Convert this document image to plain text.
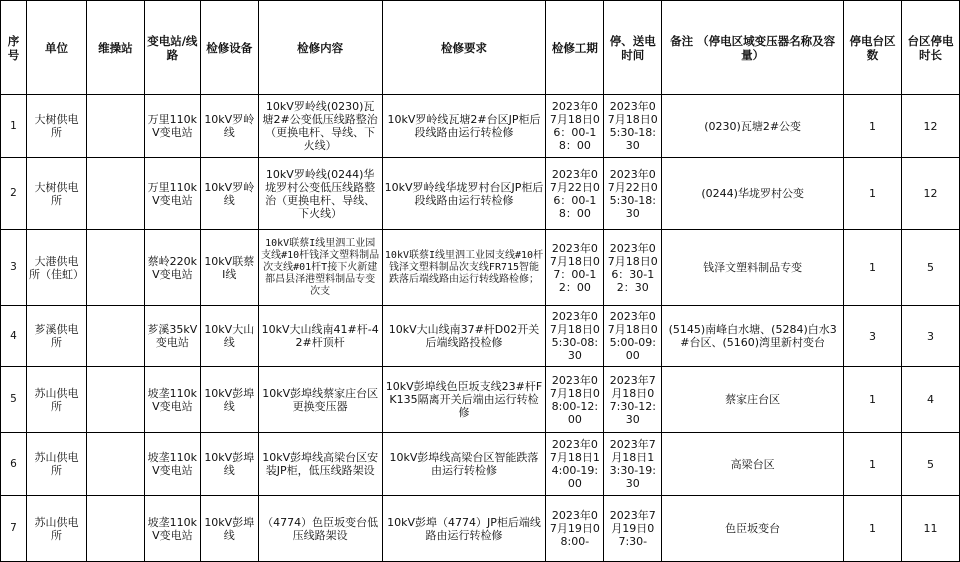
序号	单位	维操站	变电站/线路	检修设备	检修内容	检修要求	检修工期	停、送电时间	备注 （停电区域变压器名称及容量）	停电台区数	台区停电时长
1	大树供电所		万里110kV变电站	10kV罗岭线	10kV罗岭线(0230)瓦塘2#公变低压线路整治（更换电杆、导线、下火线）	10kV罗岭线瓦塘2#台区JP柜后段线路由运行转检修	2023年07月18日06：00-18：00	2023年07月18日05:30-18:30	(0230)瓦塘2#公变	1	12
2	大树供电所		万里110kV变电站	10kV罗岭线	10kV罗岭线(0244)华垅罗村公变低压线路整治（更换电杆、导线、下火线）	10kV罗岭线华垅罗村台区JP柜后段线路由运行转检修	2023年07月22日06：00-18：00	2023年07月22日05:30-18:30	(0244)华垅罗村公变	1	12
3	大港供电所（佳虹）		蔡岭220kV变电站	10kV联蔡I线	10kV联蔡I线里泗工业园支线#10杆钱泽文塑料制品次支线#01杆T接下火新建都昌县泽港塑料制品专变次支	10kV联蔡I线里泗工业园支线#10杆钱泽文塑料制品次支线FR715智能跌落后端线路由运行转线路检修；	2023年07月18日07：00-12：00	2023年07月18日06：30-12：30	钱泽文塑料制品专变	1	5
4	芗溪供电所		芗溪35kV变电站	10kV大山线	10kV大山线南41#杆-42#杆顶杆	10kV大山线南37#杆D02开关后端线路投检修	2023年07月18日05:30-08:30	2023年07月18日05:00-09:00	(5145)南峰白水塘、(5284)白水3#台区、(5160)湾里新村变台	3	3
5	苏山供电所		坡垄110kV变电站	10kV彭埠线	10kV彭埠线蔡家庄台区更换变压器	10kV彭埠线色臣坂支线23#杆FK135隔离开关后端由运行转检修	2023年07月18日08:00-12:00	2023年7月18日07:30-12:30	蔡家庄台区	1	4
6	苏山供电所		坡垄110kV变电站	10kV彭埠线	10kV彭埠线高梁台区安装JP柜，低压线路架设	10kV彭埠线高梁台区智能跌落由运行转检修	2023年07月18日14:00-19:00	2023年7月18日13:30-19:30	高梁台区	1	5
7	苏山供电所		坡垄110kV变电站	10kV彭埠线	（4774）色臣坂变台低压线路架设	10kV彭埠（4774）JP柜后端线路由运行转检修	2023年07月19日08:00-	2023年7月19日07:30-	色臣坂变台	1	11
